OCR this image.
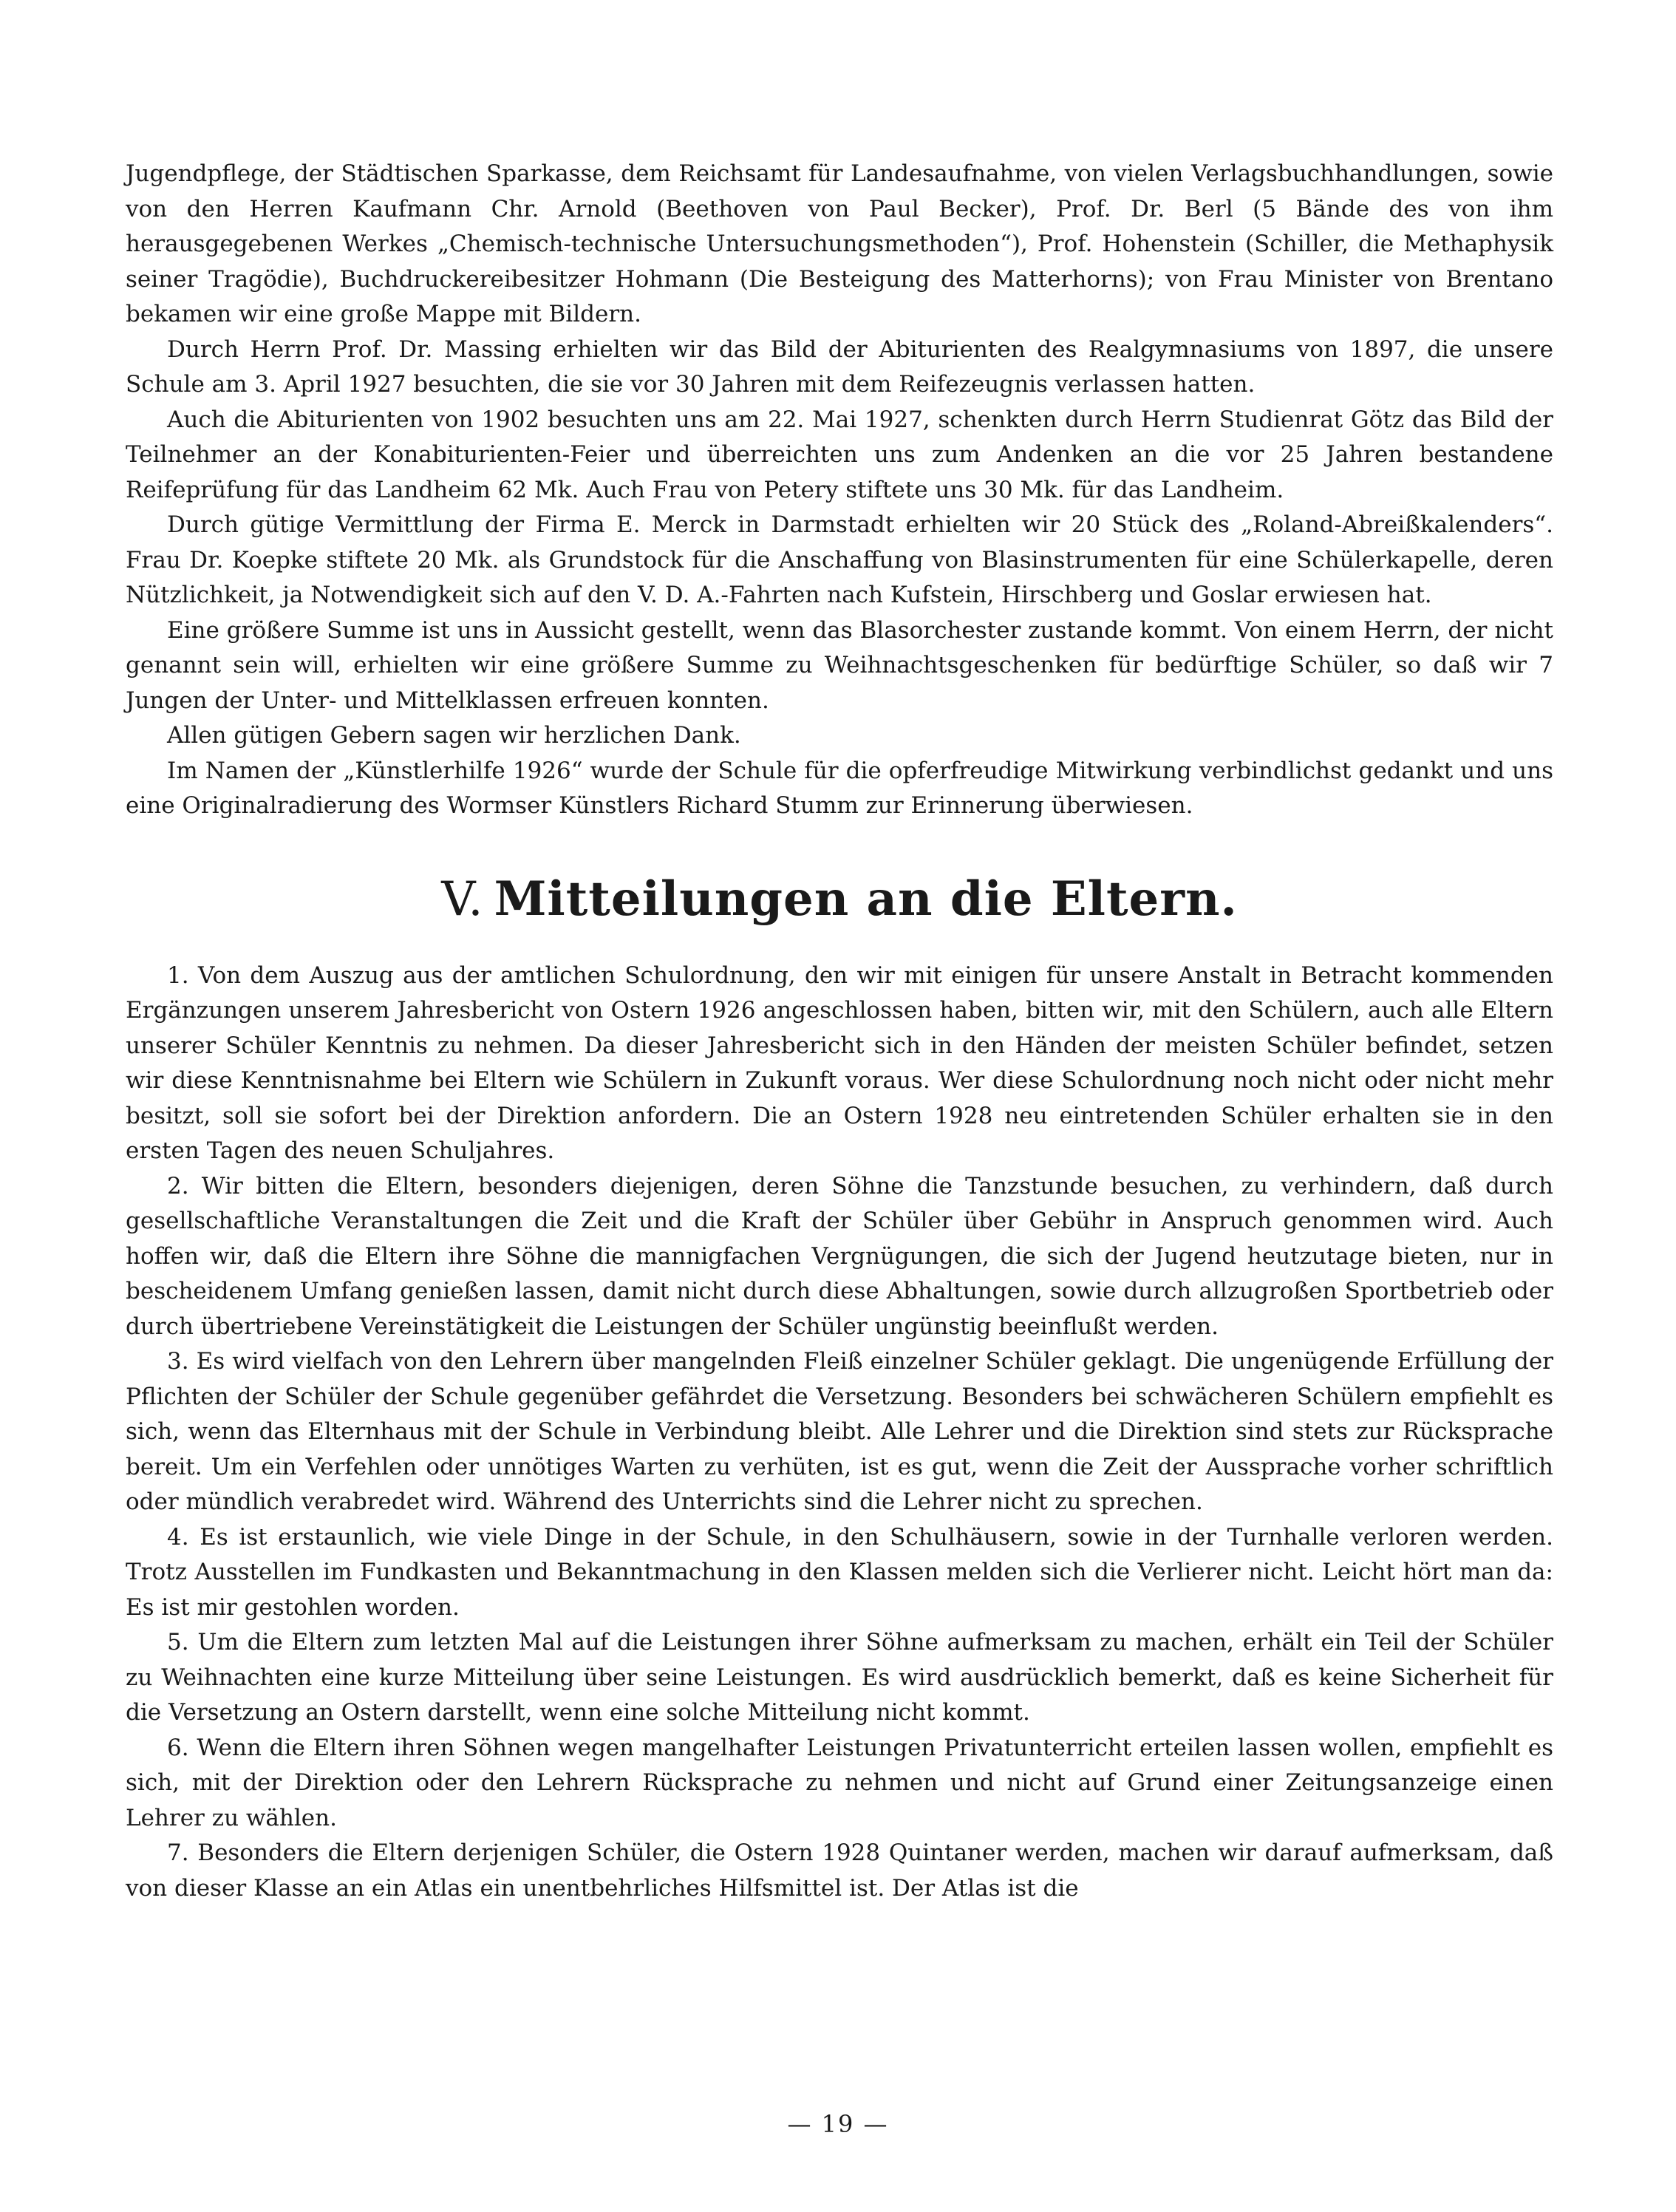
Jugendpflege, der Städtischen Sparkasse, dem Reichsamt für Landesaufnahme, von vielen Verlagsbuchhandlungen, sowie von den Herren Kaufmann Chr. Arnold (Beethoven von Paul Becker), Prof. Dr. Berl (5 Bände des von ihm herausgegebenen Werkes „Chemisch-technische Untersuchungsmethoden“), Prof. Hohenstein (Schiller, die Methaphysik seiner Tragödie), Buchdruckereibesitzer Hohmann (Die Besteigung des Matterhorns); von Frau Minister von Brentano bekamen wir eine große Mappe mit Bildern.

Durch Herrn Prof. Dr. Massing erhielten wir das Bild der Abiturienten des Realgymnasiums von 1897, die unsere Schule am 3. April 1927 besuchten, die sie vor 30 Jahren mit dem Reifezeugnis verlassen hatten.

Auch die Abiturienten von 1902 besuchten uns am 22. Mai 1927, schenkten durch Herrn Studienrat Götz das Bild der Teilnehmer an der Konabiturienten-Feier und überreichten uns zum Andenken an die vor 25 Jahren bestandene Reifeprüfung für das Landheim 62 Mk. Auch Frau von Petery stiftete uns 30 Mk. für das Landheim.

Durch gütige Vermittlung der Firma E. Merck in Darmstadt erhielten wir 20 Stück des „Roland-Abreißkalenders“. Frau Dr. Koepke stiftete 20 Mk. als Grundstock für die Anschaffung von Blasinstrumenten für eine Schülerkapelle, deren Nützlichkeit, ja Notwendigkeit sich auf den V. D. A.-Fahrten nach Kufstein, Hirschberg und Goslar erwiesen hat.

Eine größere Summe ist uns in Aussicht gestellt, wenn das Blasorchester zustande kommt. Von einem Herrn, der nicht genannt sein will, erhielten wir eine größere Summe zu Weihnachtsgeschenken für bedürftige Schüler, so daß wir 7 Jungen der Unter- und Mittelklassen erfreuen konnten.

Allen gütigen Gebern sagen wir herzlichen Dank.

Im Namen der „Künstlerhilfe 1926“ wurde der Schule für die opferfreudige Mitwirkung verbindlichst gedankt und uns eine Originalradierung des Wormser Künstlers Richard Stumm zur Erinnerung überwiesen.

V. Mitteilungen an die Eltern.

1. Von dem Auszug aus der amtlichen Schulordnung, den wir mit einigen für unsere Anstalt in Betracht kommenden Ergänzungen unserem Jahresbericht von Ostern 1926 angeschlossen haben, bitten wir, mit den Schülern, auch alle Eltern unserer Schüler Kenntnis zu nehmen. Da dieser Jahresbericht sich in den Händen der meisten Schüler befindet, setzen wir diese Kenntnisnahme bei Eltern wie Schülern in Zukunft voraus. Wer diese Schulordnung noch nicht oder nicht mehr besitzt, soll sie sofort bei der Direktion anfordern. Die an Ostern 1928 neu eintretenden Schüler erhalten sie in den ersten Tagen des neuen Schuljahres.

2. Wir bitten die Eltern, besonders diejenigen, deren Söhne die Tanzstunde besuchen, zu verhindern, daß durch gesellschaftliche Veranstaltungen die Zeit und die Kraft der Schüler über Gebühr in Anspruch genommen wird. Auch hoffen wir, daß die Eltern ihre Söhne die mannigfachen Vergnügungen, die sich der Jugend heutzutage bieten, nur in bescheidenem Umfang genießen lassen, damit nicht durch diese Abhaltungen, sowie durch allzugroßen Sportbetrieb oder durch übertriebene Vereinstätigkeit die Leistungen der Schüler ungünstig beeinflußt werden.

3. Es wird vielfach von den Lehrern über mangelnden Fleiß einzelner Schüler geklagt. Die ungenügende Erfüllung der Pflichten der Schüler der Schule gegenüber gefährdet die Versetzung. Besonders bei schwächeren Schülern empfiehlt es sich, wenn das Elternhaus mit der Schule in Verbindung bleibt. Alle Lehrer und die Direktion sind stets zur Rücksprache bereit. Um ein Verfehlen oder unnötiges Warten zu verhüten, ist es gut, wenn die Zeit der Aussprache vorher schriftlich oder mündlich verabredet wird. Während des Unterrichts sind die Lehrer nicht zu sprechen.

4. Es ist erstaunlich, wie viele Dinge in der Schule, in den Schulhäusern, sowie in der Turnhalle verloren werden. Trotz Ausstellen im Fundkasten und Bekanntmachung in den Klassen melden sich die Verlierer nicht. Leicht hört man da: Es ist mir gestohlen worden.

5. Um die Eltern zum letzten Mal auf die Leistungen ihrer Söhne aufmerksam zu machen, erhält ein Teil der Schüler zu Weihnachten eine kurze Mitteilung über seine Leistungen. Es wird ausdrücklich bemerkt, daß es keine Sicherheit für die Versetzung an Ostern darstellt, wenn eine solche Mitteilung nicht kommt.

6. Wenn die Eltern ihren Söhnen wegen mangelhafter Leistungen Privatunterricht erteilen lassen wollen, empfiehlt es sich, mit der Direktion oder den Lehrern Rücksprache zu nehmen und nicht auf Grund einer Zeitungsanzeige einen Lehrer zu wählen.

7. Besonders die Eltern derjenigen Schüler, die Ostern 1928 Quintaner werden, machen wir darauf aufmerksam, daß von dieser Klasse an ein Atlas ein unentbehrliches Hilfsmittel ist. Der Atlas ist die

— 19 —
